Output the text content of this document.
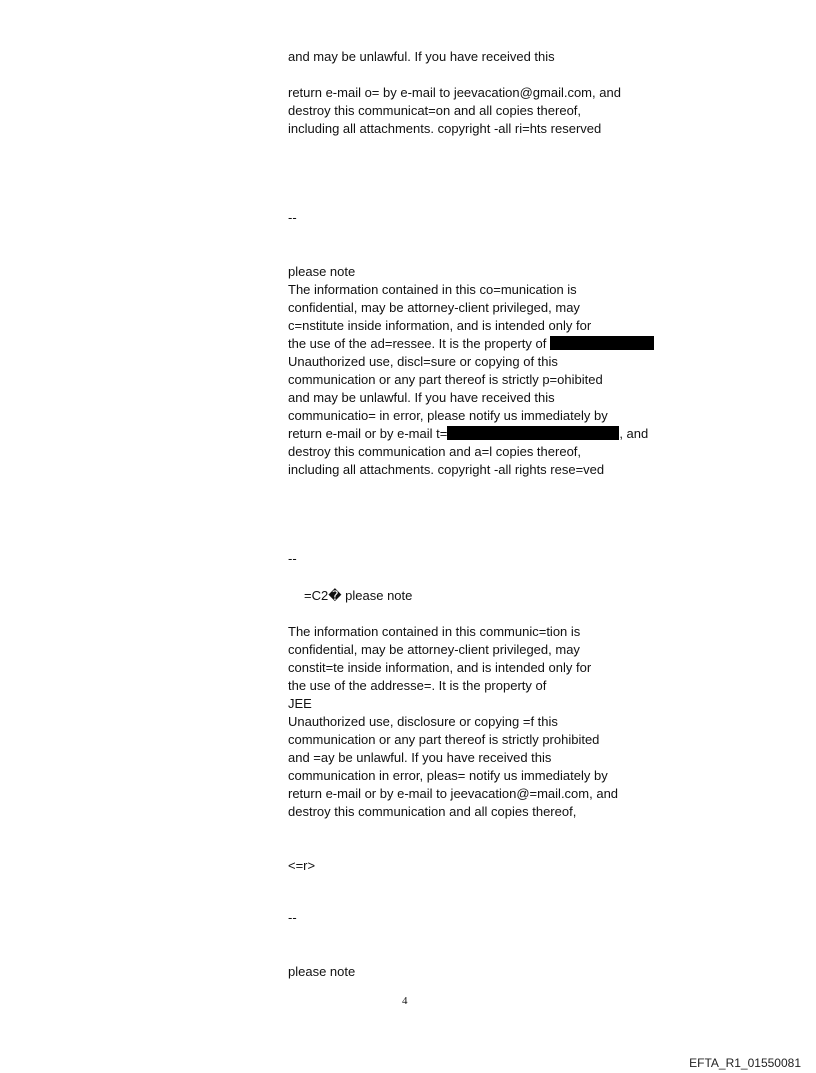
and may be unlawful. If you have received this
return e-mail o= by e-mail to jeevacation@gmail.com, and
destroy this communicat=on and all copies thereof,
including all attachments. copyright -all ri=hts reserved
--
please note
The information contained in this co=munication is
confidential, may be attorney-client privileged, may
c=nstitute inside information, and is intended only for
the use of the ad=ressee. It is the property of
Unauthorized use, discl=sure or copying of this
communication or any part thereof is strictly p=ohibited
and may be unlawful. If you have received this
communicatio= in error, please notify us immediately by
return e-mail or by e-mail t=	, and
destroy this communication and a=l copies thereof,
including all attachments. copyright -all rights rese=ved
--
=C2� please note
The information contained in this communic=tion is
confidential, may be attorney-client privileged, may
constit=te inside information, and is intended only for
the use of the addresse=. It is the property of
JEE
Unauthorized use, disclosure or copying =f this
communication or any part thereof is strictly prohibited
and =ay be unlawful. If you have received this
communication in error, pleas= notify us immediately by
return e-mail or by e-mail to jeevacation@=mail.com, and
destroy this communication and all copies thereof,
<=r>
--
please note
4
EFTA_R1_01550081
